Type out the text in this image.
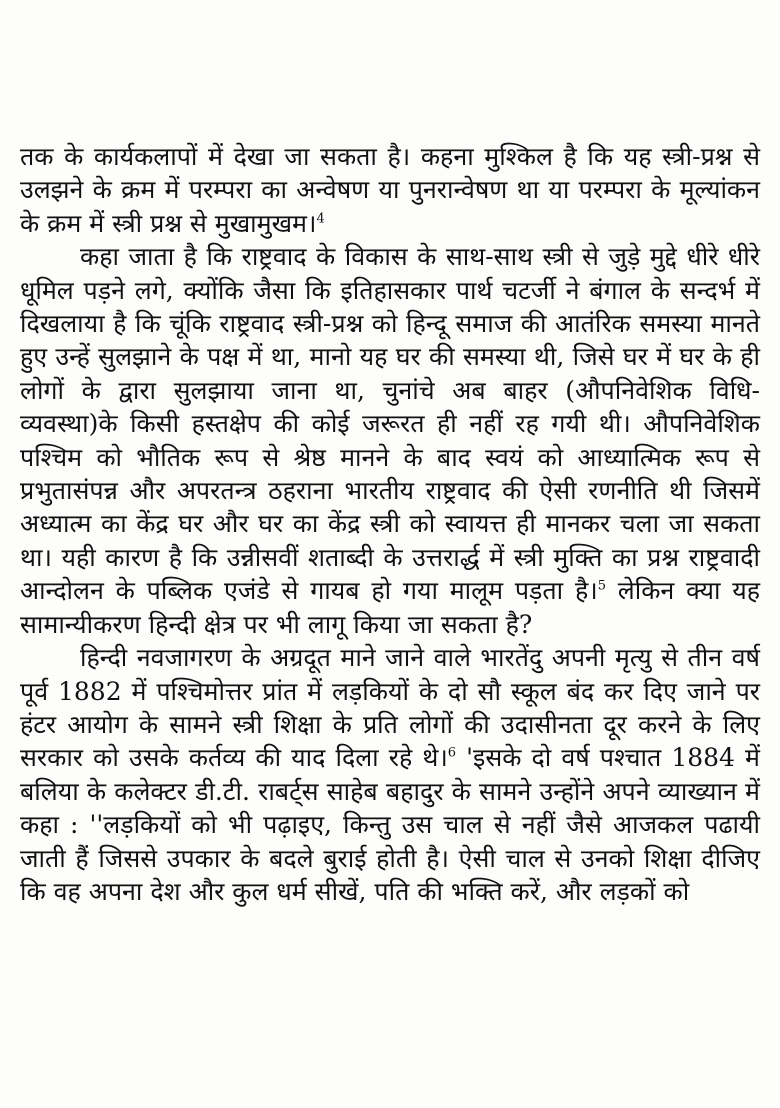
तक के कार्यकलापों में देखा जा सकता है। कहना मुश्किल है कि यह स्त्री-प्रश्न से उलझने के क्रम में परम्परा का अन्वेषण या पुनरान्वेषण था या परम्परा के मूल्यांकन के क्रम में स्त्री प्रश्न से मुखामुखम।$^4$

कहा जाता है कि राष्ट्रवाद के विकास के साथ-साथ स्त्री से जुड़े मुद्दे धीरे धीरे धूमिल पड़ने लगे, क्योंकि जैसा कि इतिहासकार पार्थ चटर्जी ने बंगाल के सन्दर्भ में दिखलाया है कि चूंकि राष्ट्रवाद स्त्री-प्रश्न को हिन्दू समाज की आतंरिक समस्या मानते हुए उन्हें सुलझाने के पक्ष में था, मानो यह घर की समस्या थी, जिसे घर में घर के ही लोगों के द्वारा सुलझाया जाना था, चुनांचे अब बाहर (औपनिवेशिक विधि-व्यवस्था)के किसी हस्तक्षेप की कोई जरूरत ही नहीं रह गयी थी। औपनिवेशिक पश्चिम को भौतिक रूप से श्रेष्ठ मानने के बाद स्वयं को आध्यात्मिक रूप से प्रभुतासंपन्न और अपरतन्त्र ठहराना भारतीय राष्ट्रवाद की ऐसी रणनीति थी जिसमें अध्यात्म का केंद्र घर और घर का केंद्र स्त्री को स्वायत्त ही मानकर चला जा सकता था। यही कारण है कि उन्नीसवीं शताब्दी के उत्तरार्द्ध में स्त्री मुक्ति का प्रश्न राष्ट्रवादी आन्दोलन के पब्लिक एजंडे से गायब हो गया मालूम पड़ता है।$^5$ लेकिन क्या यह सामान्यीकरण हिन्दी क्षेत्र पर भी लागू किया जा सकता है?

हिन्दी नवजागरण के अग्रदूत माने जाने वाले भारतेंदु अपनी मृत्यु से तीन वर्ष पूर्व 1882 में पश्चिमोत्तर प्रांत में लड़कियों के दो सौ स्कूल बंद कर दिए जाने पर हंटर आयोग के सामने स्त्री शिक्षा के प्रति लोगों की उदासीनता दूर करने के लिए सरकार को उसके कर्तव्य की याद दिला रहे थे।$^6$ 'इसके दो वर्ष पश्चात 1884 में बलिया के कलेक्टर डी.टी. राबर्ट्स साहेब बहादुर के सामने उन्होंने अपने व्याख्यान में कहा : ''लड़कियों को भी पढ़ाइए, किन्तु उस चाल से नहीं जैसे आजकल पढायी जाती हैं जिससे उपकार के बदले बुराई होती है। ऐसी चाल से उनको शिक्षा दीजिए कि वह अपना देश और कुल धर्म सीखें, पति की भक्ति करें, और लड़कों को
